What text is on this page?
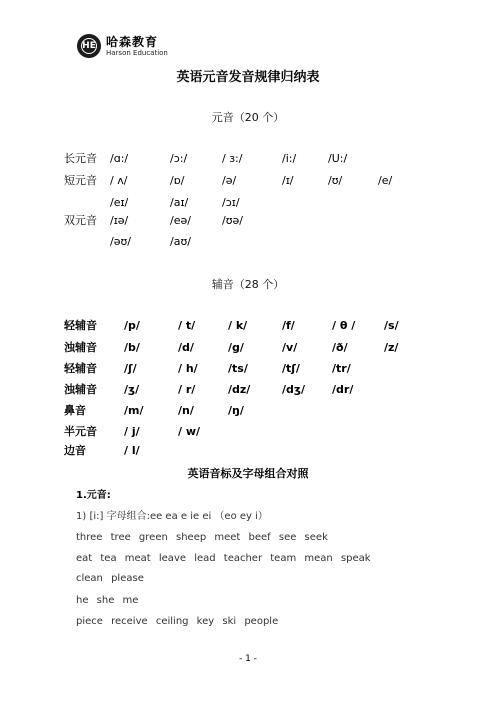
HE 哈森教育
Harson Education
英语元音发音规律归纳表
元音（20 个）
长元音 /ɑ:/	/ɔ:/	/ ɜ:/	/i:/	/U:/
短元音 / ʌ/	/ɒ/	/ə/	/ɪ/	/ʊ/	/e/
/eɪ/	/aɪ/	/ɔɪ/
双元音 /ɪə/	/eə/	/ʊə/
/əʊ/	/aʊ/
辅音（28 个）
轻辅音 /p/	/ t/	/ k/	/f/	/ θ /	/s/
浊辅音 /b/	/d/	/g/	/v/	/ð/	/z/
轻辅音 /ʃ/	/ h/	/ts/	/tʃ/	/tr/
浊辅音 /ʒ/	/ r/	/dz/	/dʒ/ /dr/
鼻音	/m/	/n/	/ŋ/
半元音 / j/	/ w/
边音	/ l/
英语音标及字母组合对照
1.元音:
1) [i:] 字母组合:ee ea e ie ei （eo ey i）
three tree green sheep meet beef see seek
eat tea meat leave lead teacher team mean speak
clean please
he she me
piece receive ceiling key ski people
- 1 -
